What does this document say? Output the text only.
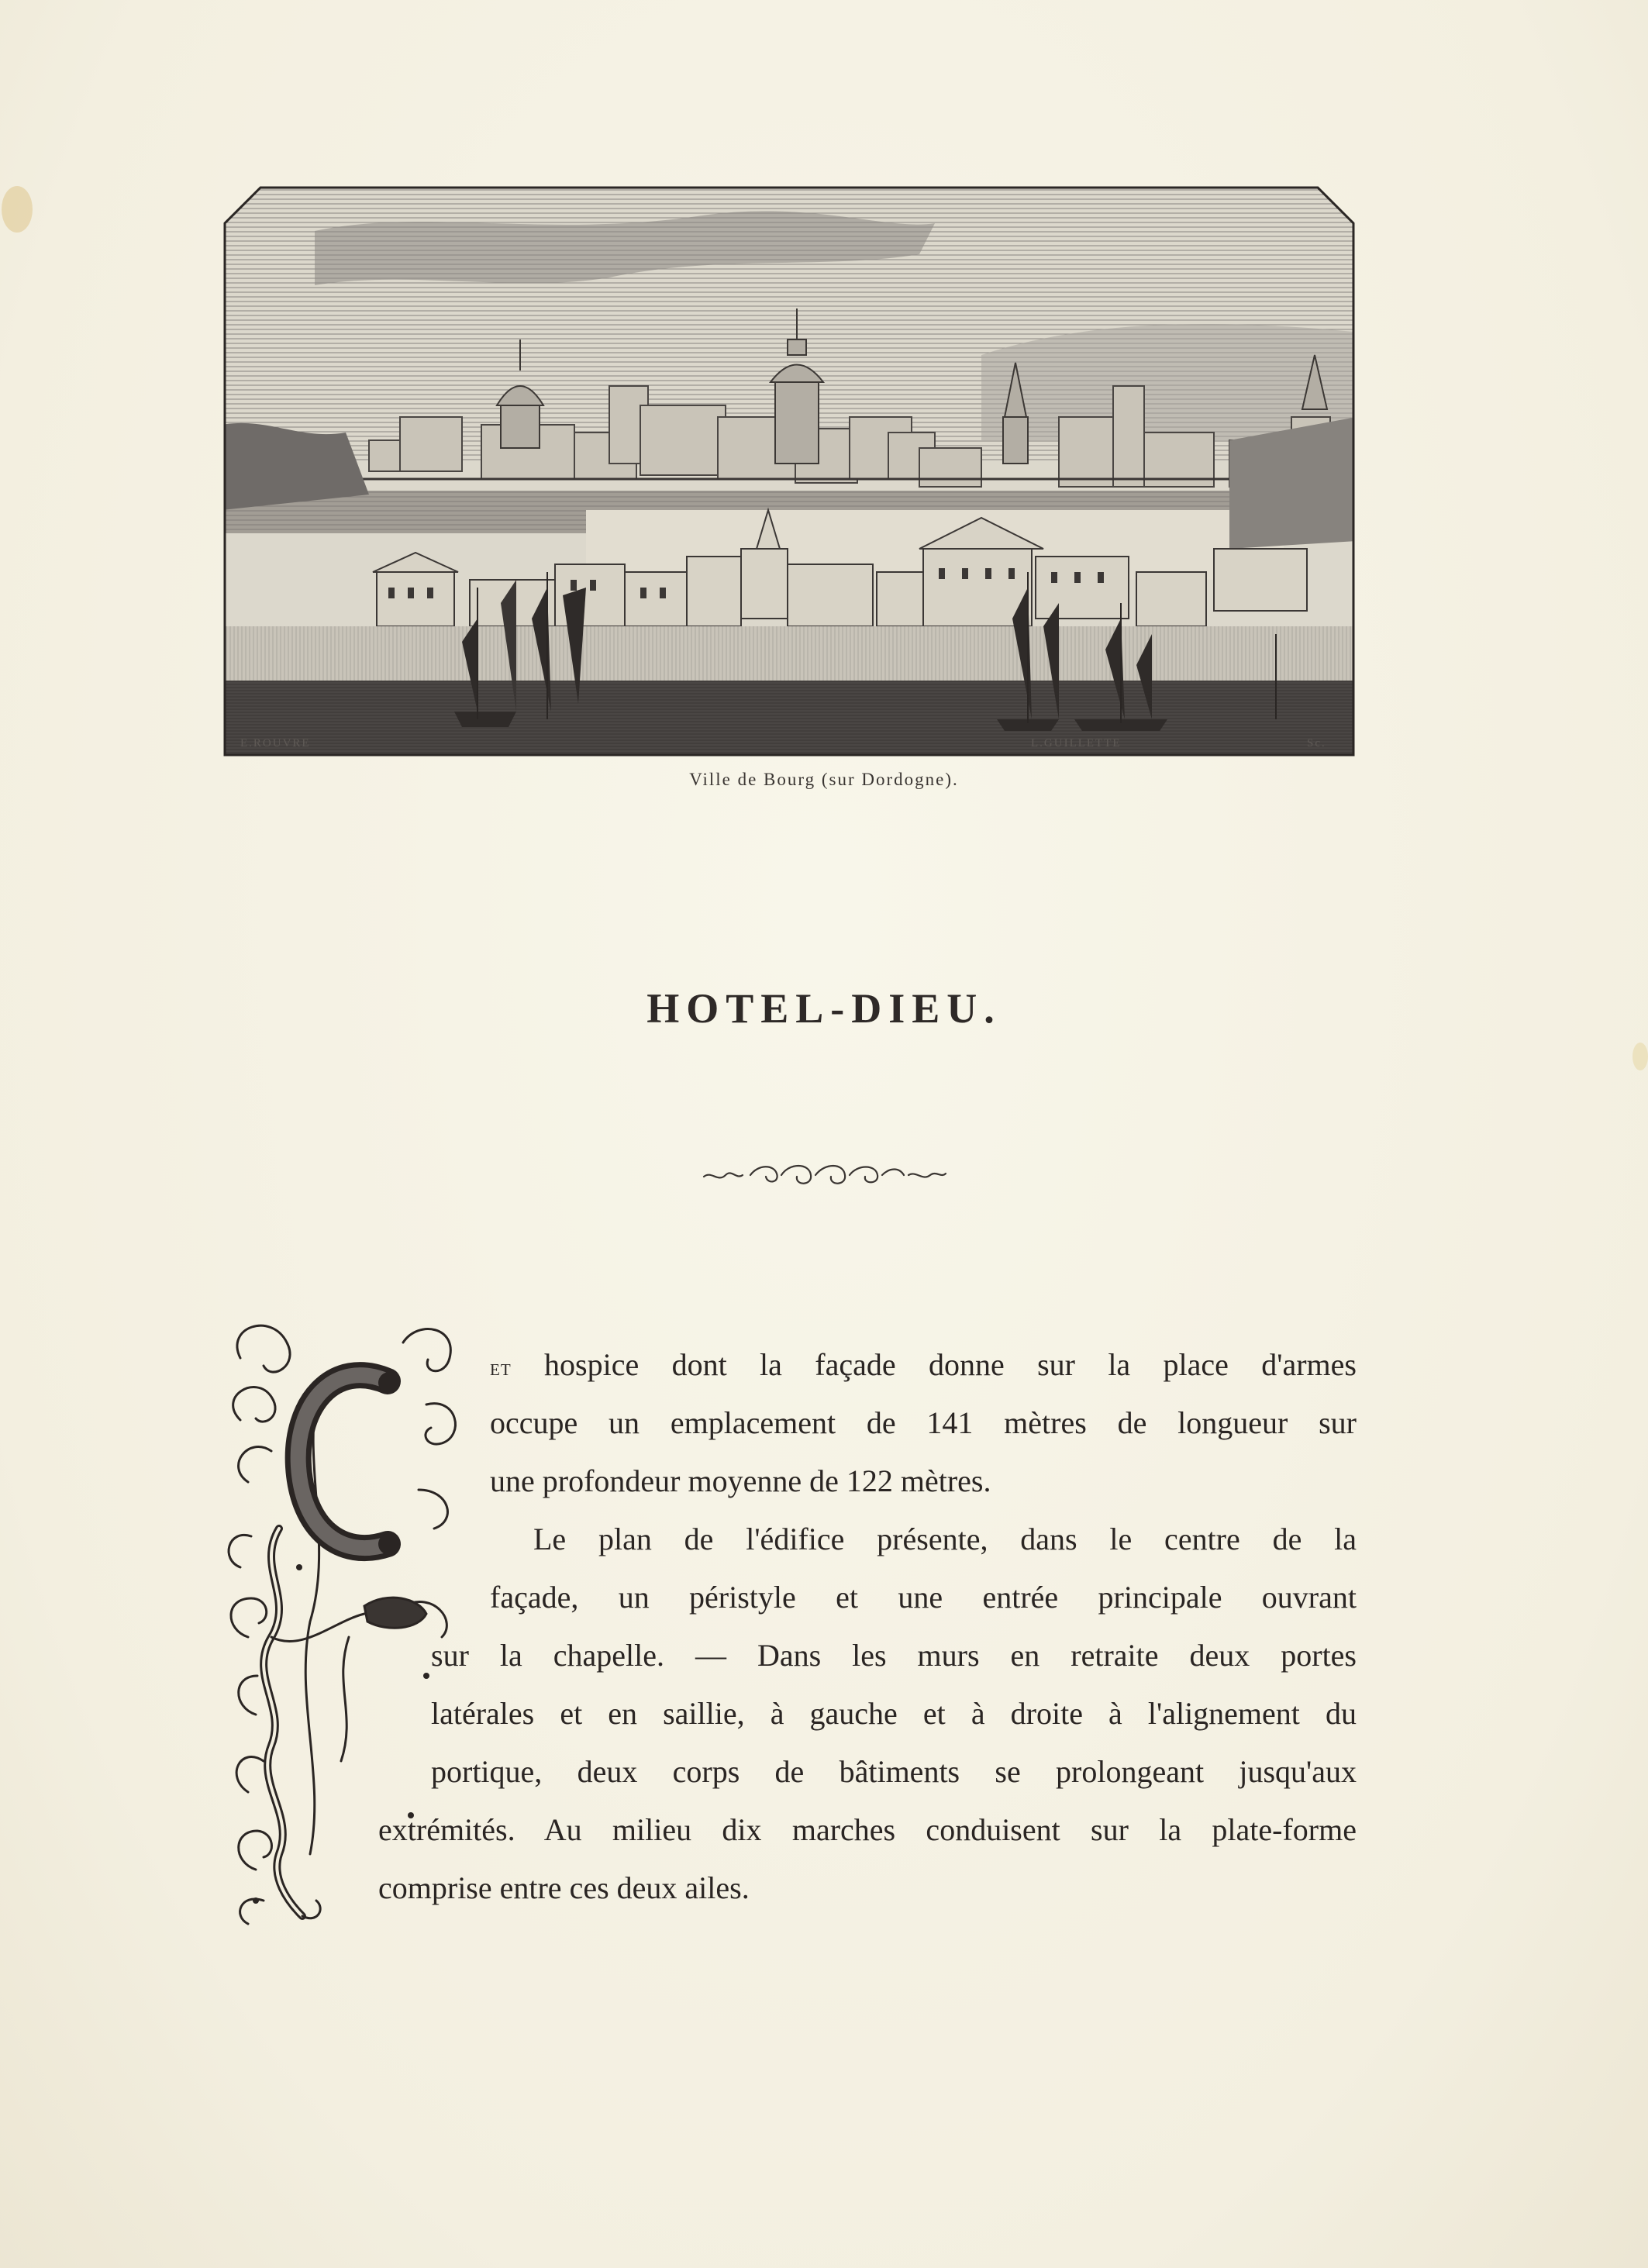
E.ROUVRE	L.GUILLETTE	Sc.
Ville de Bourg (sur Dordogne).
HOTEL-DIEU.
et hospice dont la façade donne sur la place d'armes
occupe un emplacement de 141 mètres de longueur sur
une profondeur moyenne de 122 mètres.
Le plan de l'édifice présente, dans le centre de la
façade, un péristyle et une entrée principale ouvrant
sur la chapelle. — Dans les murs en retraite deux portes
latérales et en saillie, à gauche et à droite à l'alignement du
portique, deux corps de bâtiments se prolongeant jusqu'aux
extrémités. Au milieu dix marches conduisent sur la plate-forme
comprise entre ces deux ailes.
